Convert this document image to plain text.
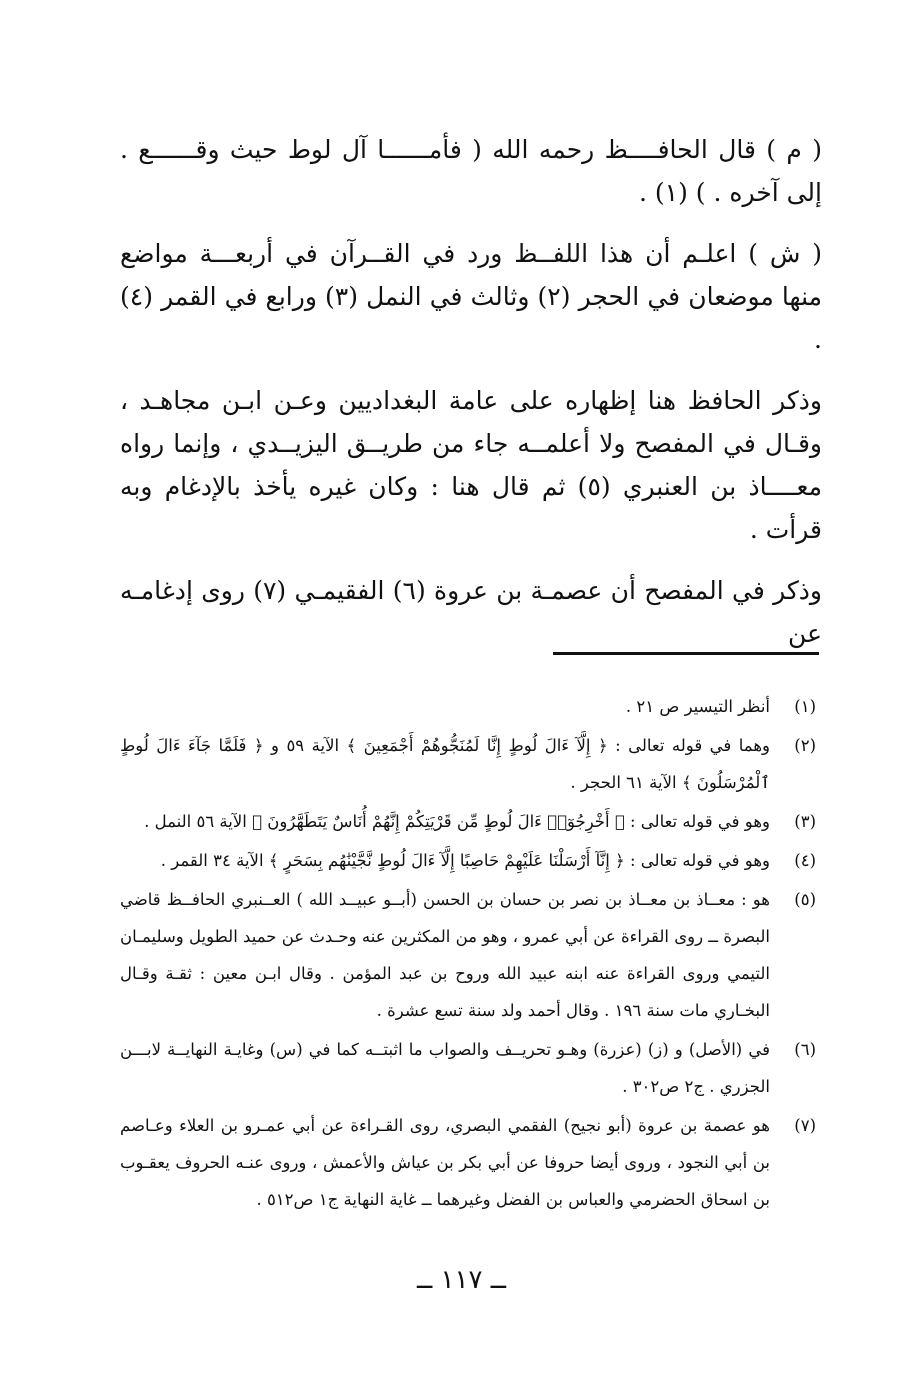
( م ) قال الحافــــظ رحمه الله ( فأمــــــا آل لوط حيث وقــــــع . إلى آخره . ) (١) .

( ش ) اعلـم أن هذا اللفــظ ورد في القــرآن في أربعـــة مواضع منها موضعان في الحجر (٢) وثالث في النمل (٣) ورابع في القمر (٤) .

وذكر الحافظ هنا إظهاره على عامة البغداديين وعـن ابـن مجاهـد ، وقـال في المفصح ولا أعلمــه جاء من طريــق اليزيــدي ، وإنما رواه معــــاذ بن العنبري (٥) ثم قال هنا : وكان غيره يأخذ بالإدغام وبه قرأت .

وذكر في المفصح أن عصمـة بن عروة (٦) الفقيمـي (٧) روى إدغامـه عن

(١)
أنظر التيسير ص ٢١ .
(٢)
وهما في قوله تعالى : ﴿ إِلَّآ ءَالَ لُوطٍ إِنَّا لَمُنَجُّوهُمْ أَجْمَعِينَ ﴾ الآية ٥٩ و ﴿ فَلَمَّا جَآءَ ءَالَ لُوطٍ ٱلْمُرْسَلُونَ ﴾ الآية ٦١ الحجر .
(٣)
وهو في قوله تعالى : ﴿ أَخْرِجُوٓا۟ ءَالَ لُوطٍ مِّن قَرْيَتِكُمْ إِنَّهُمْ أُنَاسٌ يَتَطَهَّرُونَ ﴾ الآية ٥٦ النمل .
(٤)
وهو في قوله تعالى : ﴿ إِنَّآ أَرْسَلْنَا عَلَيْهِمْ حَاصِبًا إِلَّآ ءَالَ لُوطٍ نَّجَّيْنَٰهُم بِسَحَرٍ ﴾ الآية ٣٤ القمر .
(٥)
هو : معــاذ بن معــاذ بن نصر بن حسان بن الحسن (أبــو عبيــد الله ) العــنبري الحافــظ قاضي البصرة ــ روى القراءة عن أبي عمرو ، وهو من المكثرين عنه وحـدث عن حميد الطويل وسليمـان التيمي وروى القراءة عنه ابنه عبيد الله وروح بن عبد المؤمن . وقال ابـن معين : ثقـة وقـال البخـاري مات سنة ١٩٦ . وقال أحمد ولد سنة تسع عشرة .
(٦)
في (الأصل) و (ز) (عزرة) وهـو تحريــف والصواب ما اثبتــه كما في (س) وغايـة النهايــة لابـــن الجزري . ج٢ ص٣٠٢ .
(٧)
هو عصمة بن عروة (أبو نجيح) الفقمي البصري، روى القـراءة عن أبي عمـرو بن العلاء وعـاصم بن أبي النجود ، وروى أيضا حروفا عن أبي بكر بن عياش والأعمش ، وروى عنـه الحروف يعقـوب بن اسحاق الحضرمي والعباس بن الفضل وغيرهما ــ غاية النهاية ج١ ص٥١٢ .
ــ ١١٧ ــ
